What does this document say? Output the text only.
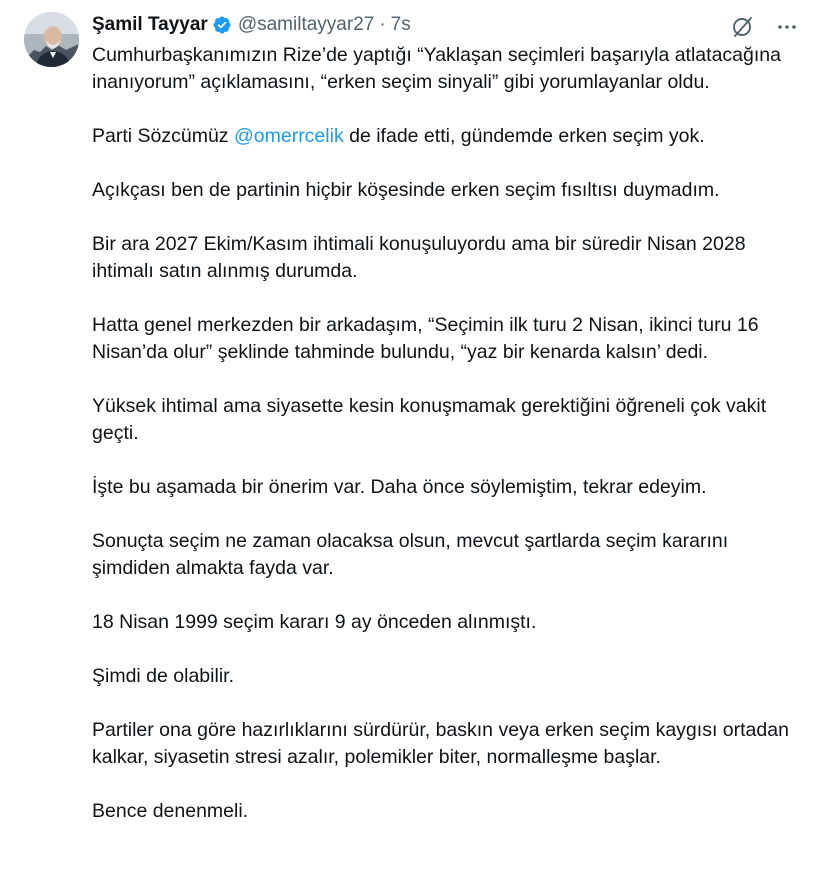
Şamil Tayyar @samiltayyar27 · 7s

Cumhurbaşkanımızın Rize’de yaptığı “Yaklaşan seçimleri başarıyla atlatacağına inanıyorum” açıklamasını, “erken seçim sinyali” gibi yorumlayanlar oldu.

Parti Sözcümüz @omerrcelik de ifade etti, gündemde erken seçim yok.

Açıkçası ben de partinin hiçbir köşesinde erken seçim fısıltısı duymadım.

Bir ara 2027 Ekim/Kasım ihtimali konuşuluyordu ama bir süredir Nisan 2028 ihtimalı satın alınmış durumda.

Hatta genel merkezden bir arkadaşım, “Seçimin ilk turu 2 Nisan, ikinci turu 16 Nisan’da olur” şeklinde tahminde bulundu, “yaz bir kenarda kalsın’ dedi.

Yüksek ihtimal ama siyasette kesin konuşmamak gerektiğini öğreneli çok vakit geçti.

İşte bu aşamada bir önerim var. Daha önce söylemiştim, tekrar edeyim.

Sonuçta seçim ne zaman olacaksa olsun, mevcut şartlarda seçim kararını şimdiden almakta fayda var.

18 Nisan 1999 seçim kararı 9 ay önceden alınmıştı.

Şimdi de olabilir.

Partiler ona göre hazırlıklarını sürdürür, baskın veya erken seçim kaygısı ortadan kalkar, siyasetin stresi azalır, polemikler biter, normalleşme başlar.

Bence denenmeli.
